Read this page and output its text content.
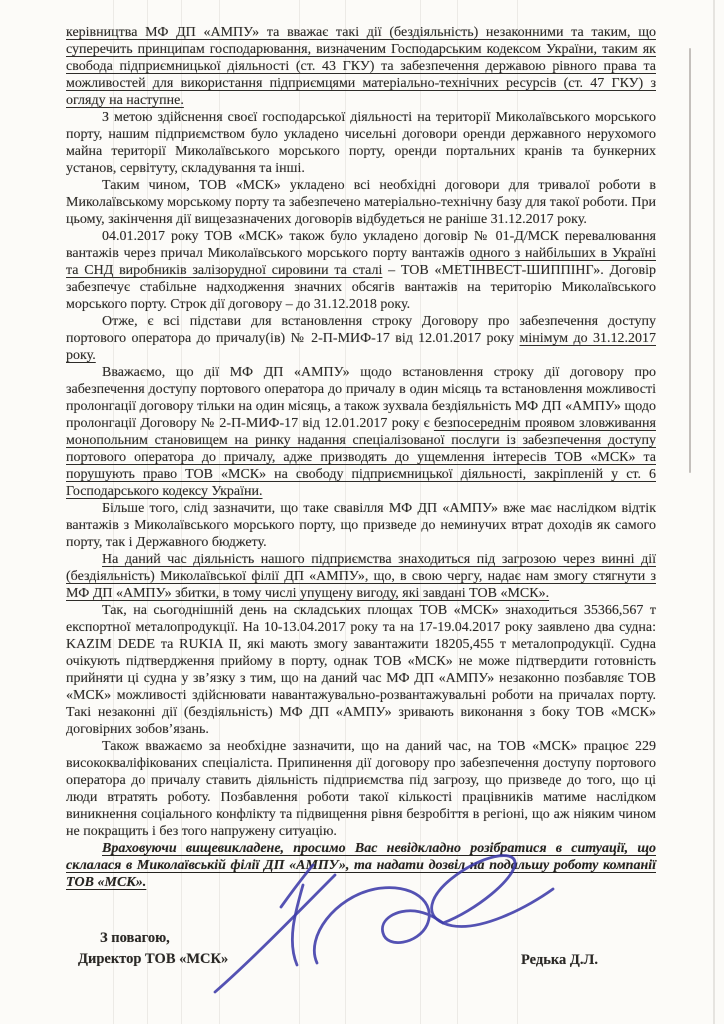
керівництва МФ ДП «АМПУ» та вважає такі дії (бездіяльність) незаконними та таким, що суперечить принципам господарювання, визначеним Господарським кодексом України, таким як свобода підприємницької діяльності (ст. 43 ГКУ) та забезпечення державою рівного права та можливостей для використання підприємцями матеріально-технічних ресурсів (ст. 47 ГКУ) з огляду на наступне.

З метою здійснення своєї господарської діяльності на території Миколаївського морського порту, нашим підприємством було укладено чисельні договори оренди державного нерухомого майна території Миколаївського морського порту, оренди портальних кранів та бункерних установ, сервітуту, складування та інші.

Таким чином, ТОВ «МСК» укладено всі необхідні договори для тривалої роботи в Миколаївському морському порту та забезпечено матеріально-технічну базу для такої роботи. При цьому, закінчення дії вищезазначених договорів відбудеться не раніше 31.12.2017 року.

04.01.2017 року ТОВ «МСК» також було укладено договір № 01-Д/МСК перевалювання вантажів через причал Миколаївського морського порту вантажів одного з найбільших в Україні та СНД виробників залізорудної сировини та сталі – ТОВ «МЕТІНВЕСТ-ШИППІНГ». Договір забезпечує стабільне надходження значних обсягів вантажів на територію Миколаївського морського порту. Строк дії договору – до 31.12.2018 року.

Отже, є всі підстави для встановлення строку Договору про забезпечення доступу портового оператора до причалу(ів) № 2-П-МИФ-17 від 12.01.2017 року мінімум до 31.12.2017 року.

Вважаємо, що дії МФ ДП «АМПУ» щодо встановлення строку дії договору про забезпечення доступу портового оператора до причалу в один місяць та встановлення можливості пролонгації договору тільки на один місяць, а також зухвала бездіяльність МФ ДП «АМПУ» щодо пролонгації Договору № 2-П-МИФ-17 від 12.01.2017 року є безпосереднім проявом зловживання монопольним становищем на ринку надання спеціалізованої послуги із забезпечення доступу портового оператора до причалу, адже призводять до ущемлення інтересів ТОВ «МСК» та порушують право ТОВ «МСК» на свободу підприємницької діяльності, закріпленій у ст. 6 Господарського кодексу України.

Більше того, слід зазначити, що таке свавілля МФ ДП «АМПУ» вже має наслідком відтік вантажів з Миколаївського морського порту, що призведе до неминучих втрат доходів як самого порту, так і Державного бюджету.

На даний час діяльність нашого підприємства знаходиться під загрозою через винні дії (бездіяльність) Миколаївської філії ДП «АМПУ», що, в свою чергу, надає нам змогу стягнути з МФ ДП «АМПУ» збитки, в тому числі упущену вигоду, які завдані ТОВ «МСК».

Так, на сьогоднішній день на складських площах ТОВ «МСК» знаходиться 35366,567 т експортної металопродукції. На 10-13.04.2017 року та на 17-19.04.2017 року заявлено два судна: KAZIM DEDE та RUKIA II, які мають змогу завантажити 18205,455 т металопродукції. Судна очікують підтвердження прийому в порту, однак ТОВ «МСК» не може підтвердити готовність прийняти ці судна у зв’язку з тим, що на даний час МФ ДП «АМПУ» незаконно позбавляє ТОВ «МСК» можливості здійснювати навантажувально-розвантажувальні роботи на причалах порту. Такі незаконні дії (бездіяльність) МФ ДП «АМПУ» зривають виконання з боку ТОВ «МСК» договірних зобов’язань.

Також вважаємо за необхідне зазначити, що на даний час, на ТОВ «МСК» працює 229 висококваліфікованих спеціаліста. Припинення дії договору про забезпечення доступу портового оператора до причалу ставить діяльність підприємства під загрозу, що призведе до того, що ці люди втратять роботу. Позбавлення роботи такої кількості працівників матиме наслідком виникнення соціального конфлікту та підвищення рівня безробіття в регіоні, що аж ніяким чином не покращить і без того напружену ситуацію.

Враховуючи вищевикладене, просимо Вас невідкладно розібратися в ситуації, що склалася в Миколаївській філії ДП «АМПУ», та надати дозвіл на подальшу роботу компанії ТОВ «МСК».

З повагою,
Директор ТОВ «МСК»	Редька Д.Л.
